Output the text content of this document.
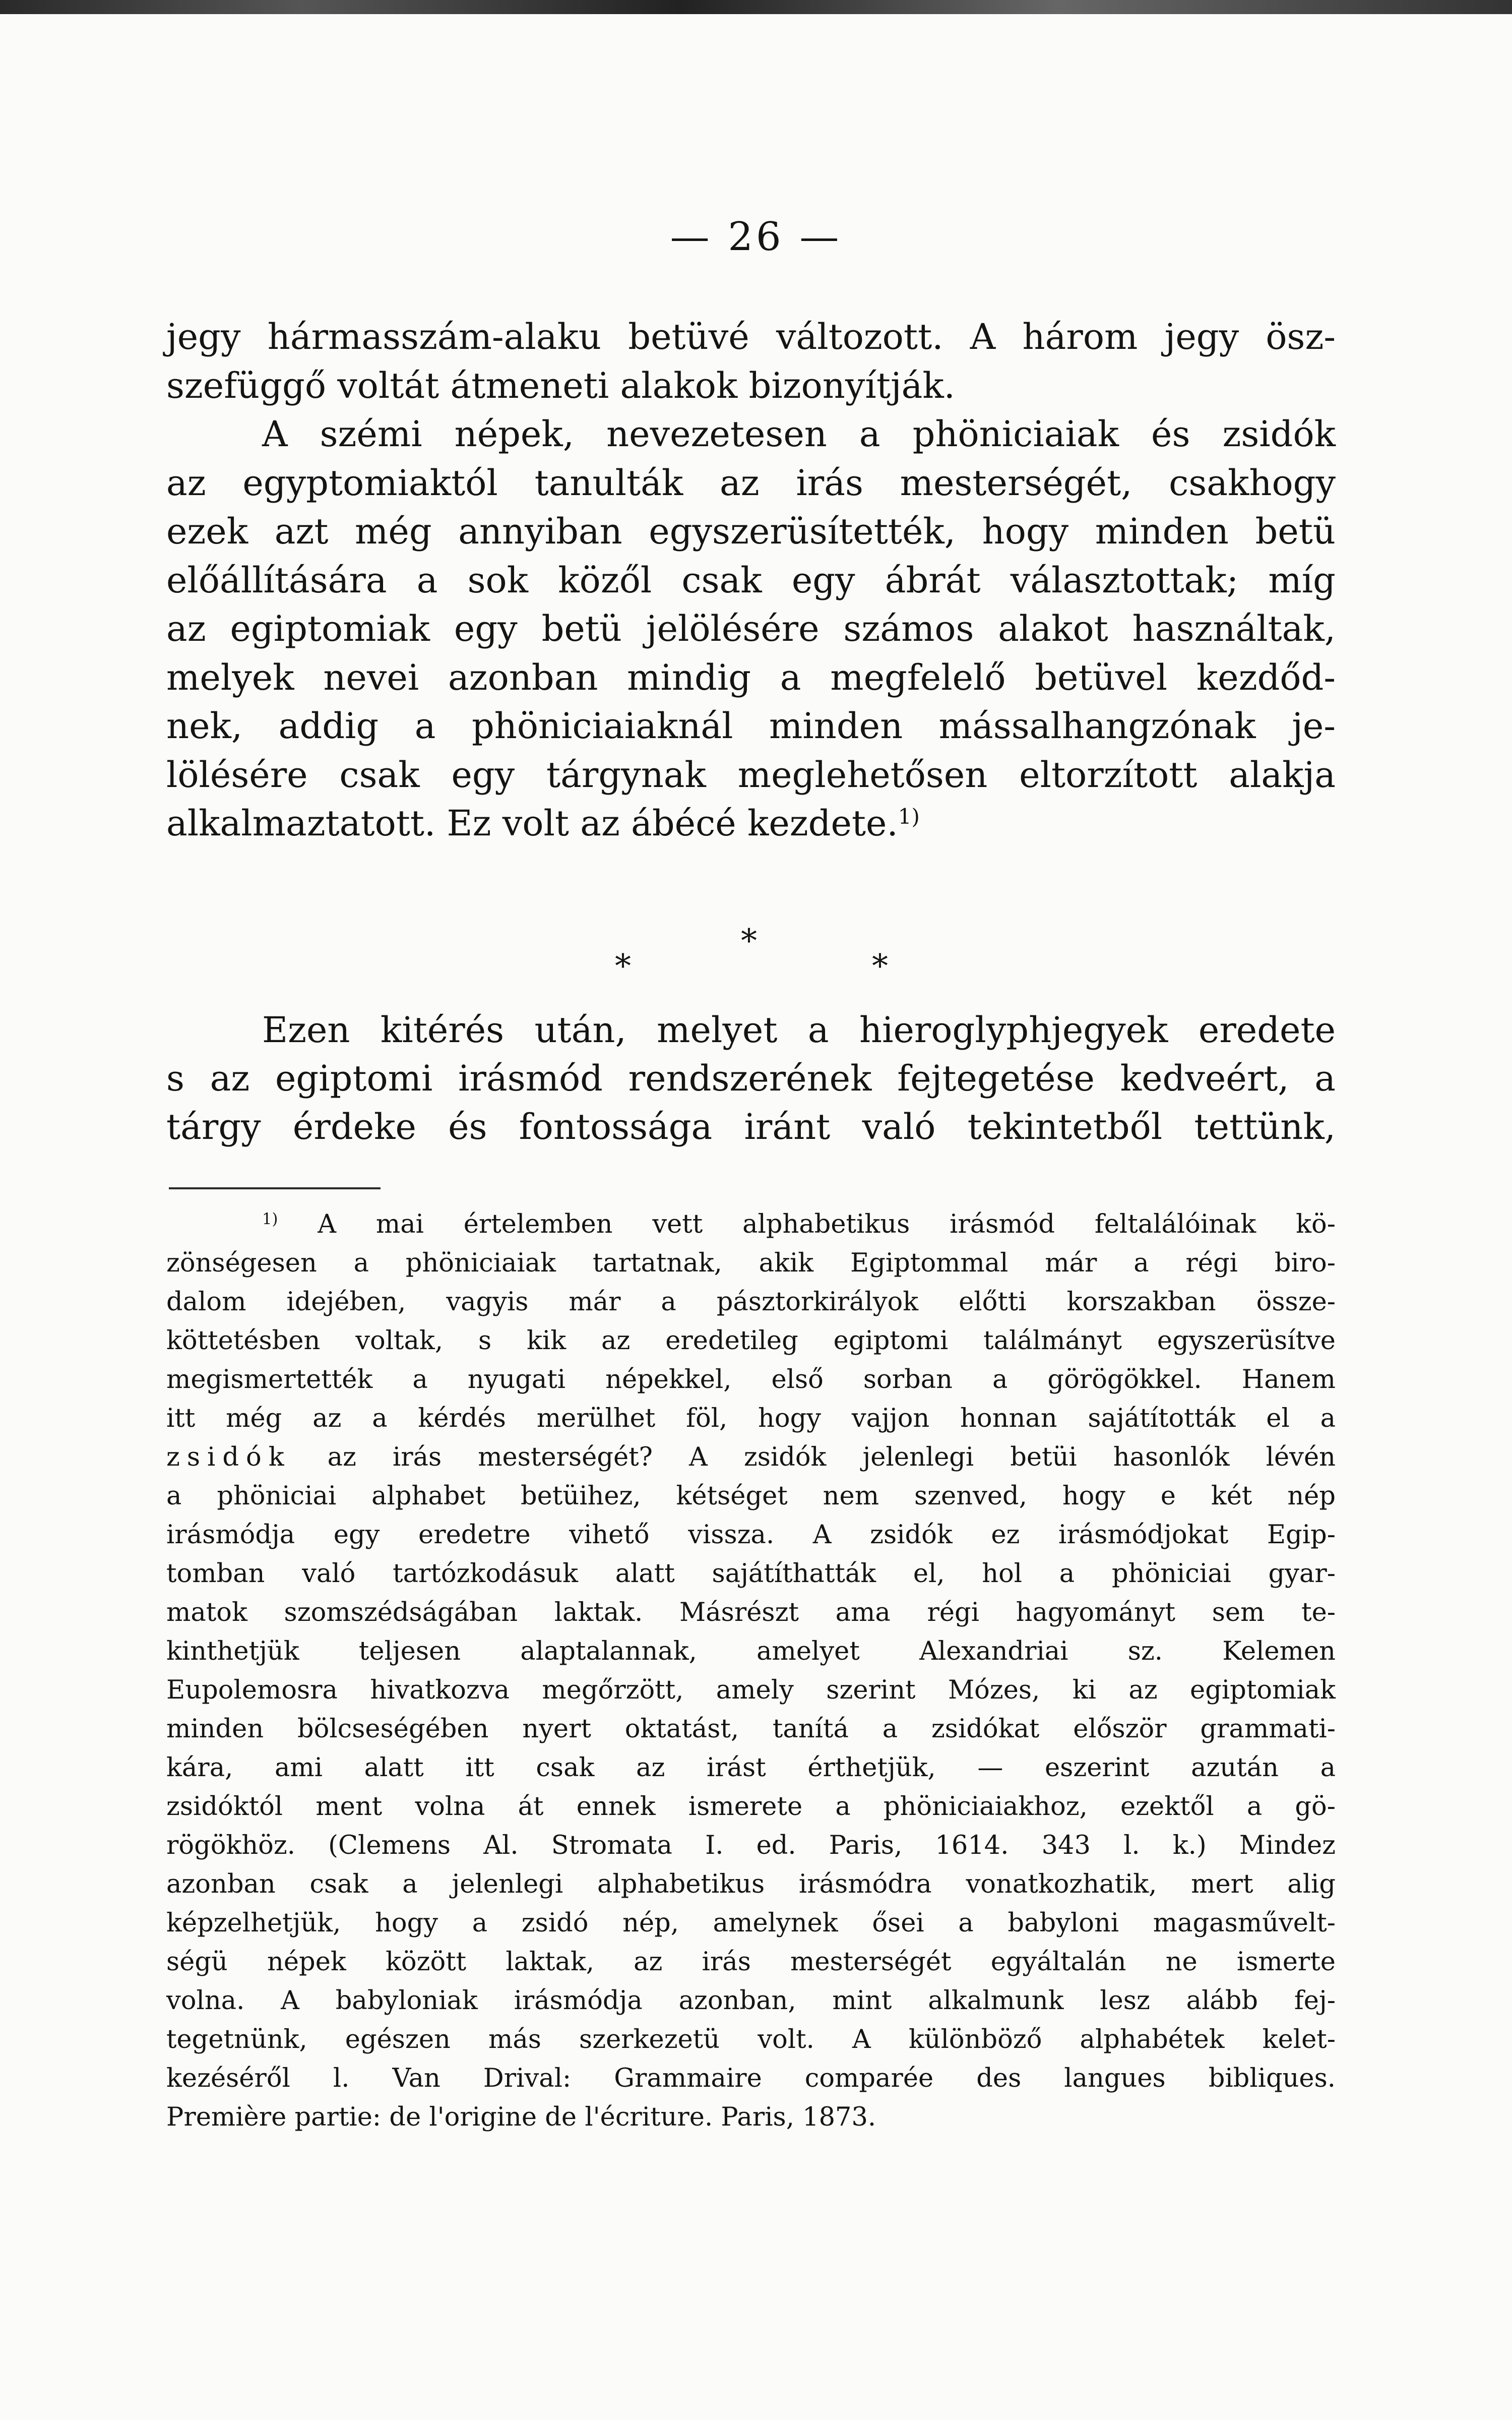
— 26 —
jegy hármasszám-alaku betüvé változott. A három jegy ösz-
szefüggő voltát átmeneti alakok bizonyítják.
A szémi népek, nevezetesen a phöniciaiak és zsidók
az egyptomiaktól tanulták az irás mesterségét, csakhogy
ezek azt még annyiban egyszerüsítették, hogy minden betü
előállítására a sok közől csak egy ábrát választottak; míg
az egiptomiak egy betü jelölésére számos alakot használtak,
melyek nevei azonban mindig a megfelelő betüvel kezdőd-
nek, addig a phöniciaiaknál minden mássalhangzónak je-
lölésére csak egy tárgynak meglehetősen eltorzított alakja
alkalmaztatott. Ez volt az ábécé kezdete.$^{1)}$
*
*
*
Ezen kitérés után, melyet a hieroglyphjegyek eredete
s az egiptomi irásmód rendszerének fejtegetése kedveért, a
tárgy érdeke és fontossága iránt való tekintetből tettünk,
$^{1)}$ A mai értelemben vett alphabetikus irásmód feltalálóinak kö-
zönségesen a phöniciaiak tartatnak, akik Egiptommal már a régi biro-
dalom idejében, vagyis már a pásztorkirályok előtti korszakban össze-
köttetésben voltak, s kik az eredetileg egiptomi találmányt egyszerüsítve
megismertették a nyugati népekkel, első sorban a görögökkel. Hanem
itt még az a kérdés merülhet föl, hogy vajjon honnan sajátították el a
zsidók az irás mesterségét? A zsidók jelenlegi betüi hasonlók lévén
a phöniciai alphabet betüihez, kétséget nem szenved, hogy e két nép
irásmódja egy eredetre vihető vissza. A zsidók ez irásmódjokat Egip-
tomban való tartózkodásuk alatt sajátíthatták el, hol a phöniciai gyar-
matok szomszédságában laktak. Másrészt ama régi hagyományt sem te-
kinthetjük teljesen alaptalannak, amelyet Alexandriai sz. Kelemen
Eupolemosra hivatkozva megőrzött, amely szerint Mózes, ki az egiptomiak
minden bölcseségében nyert oktatást, tanítá a zsidókat először grammati-
kára, ami alatt itt csak az irást érthetjük, — eszerint azután a
zsidóktól ment volna át ennek ismerete a phöniciaiakhoz, ezektől a gö-
rögökhöz. (Clemens Al. Stromata I. ed. Paris, 1614. 343 l. k.) Mindez
azonban csak a jelenlegi alphabetikus irásmódra vonatkozhatik, mert alig
képzelhetjük, hogy a zsidó nép, amelynek ősei a babyloni magasművelt-
ségü népek között laktak, az irás mesterségét egyáltalán ne ismerte
volna. A babyloniak irásmódja azonban, mint alkalmunk lesz alább fej-
tegetnünk, egészen más szerkezetü volt. A különböző alphabétek kelet-
kezéséről l. Van Drival: Grammaire comparée des langues bibliques.
Première partie: de l'origine de l'écriture. Paris, 1873.
